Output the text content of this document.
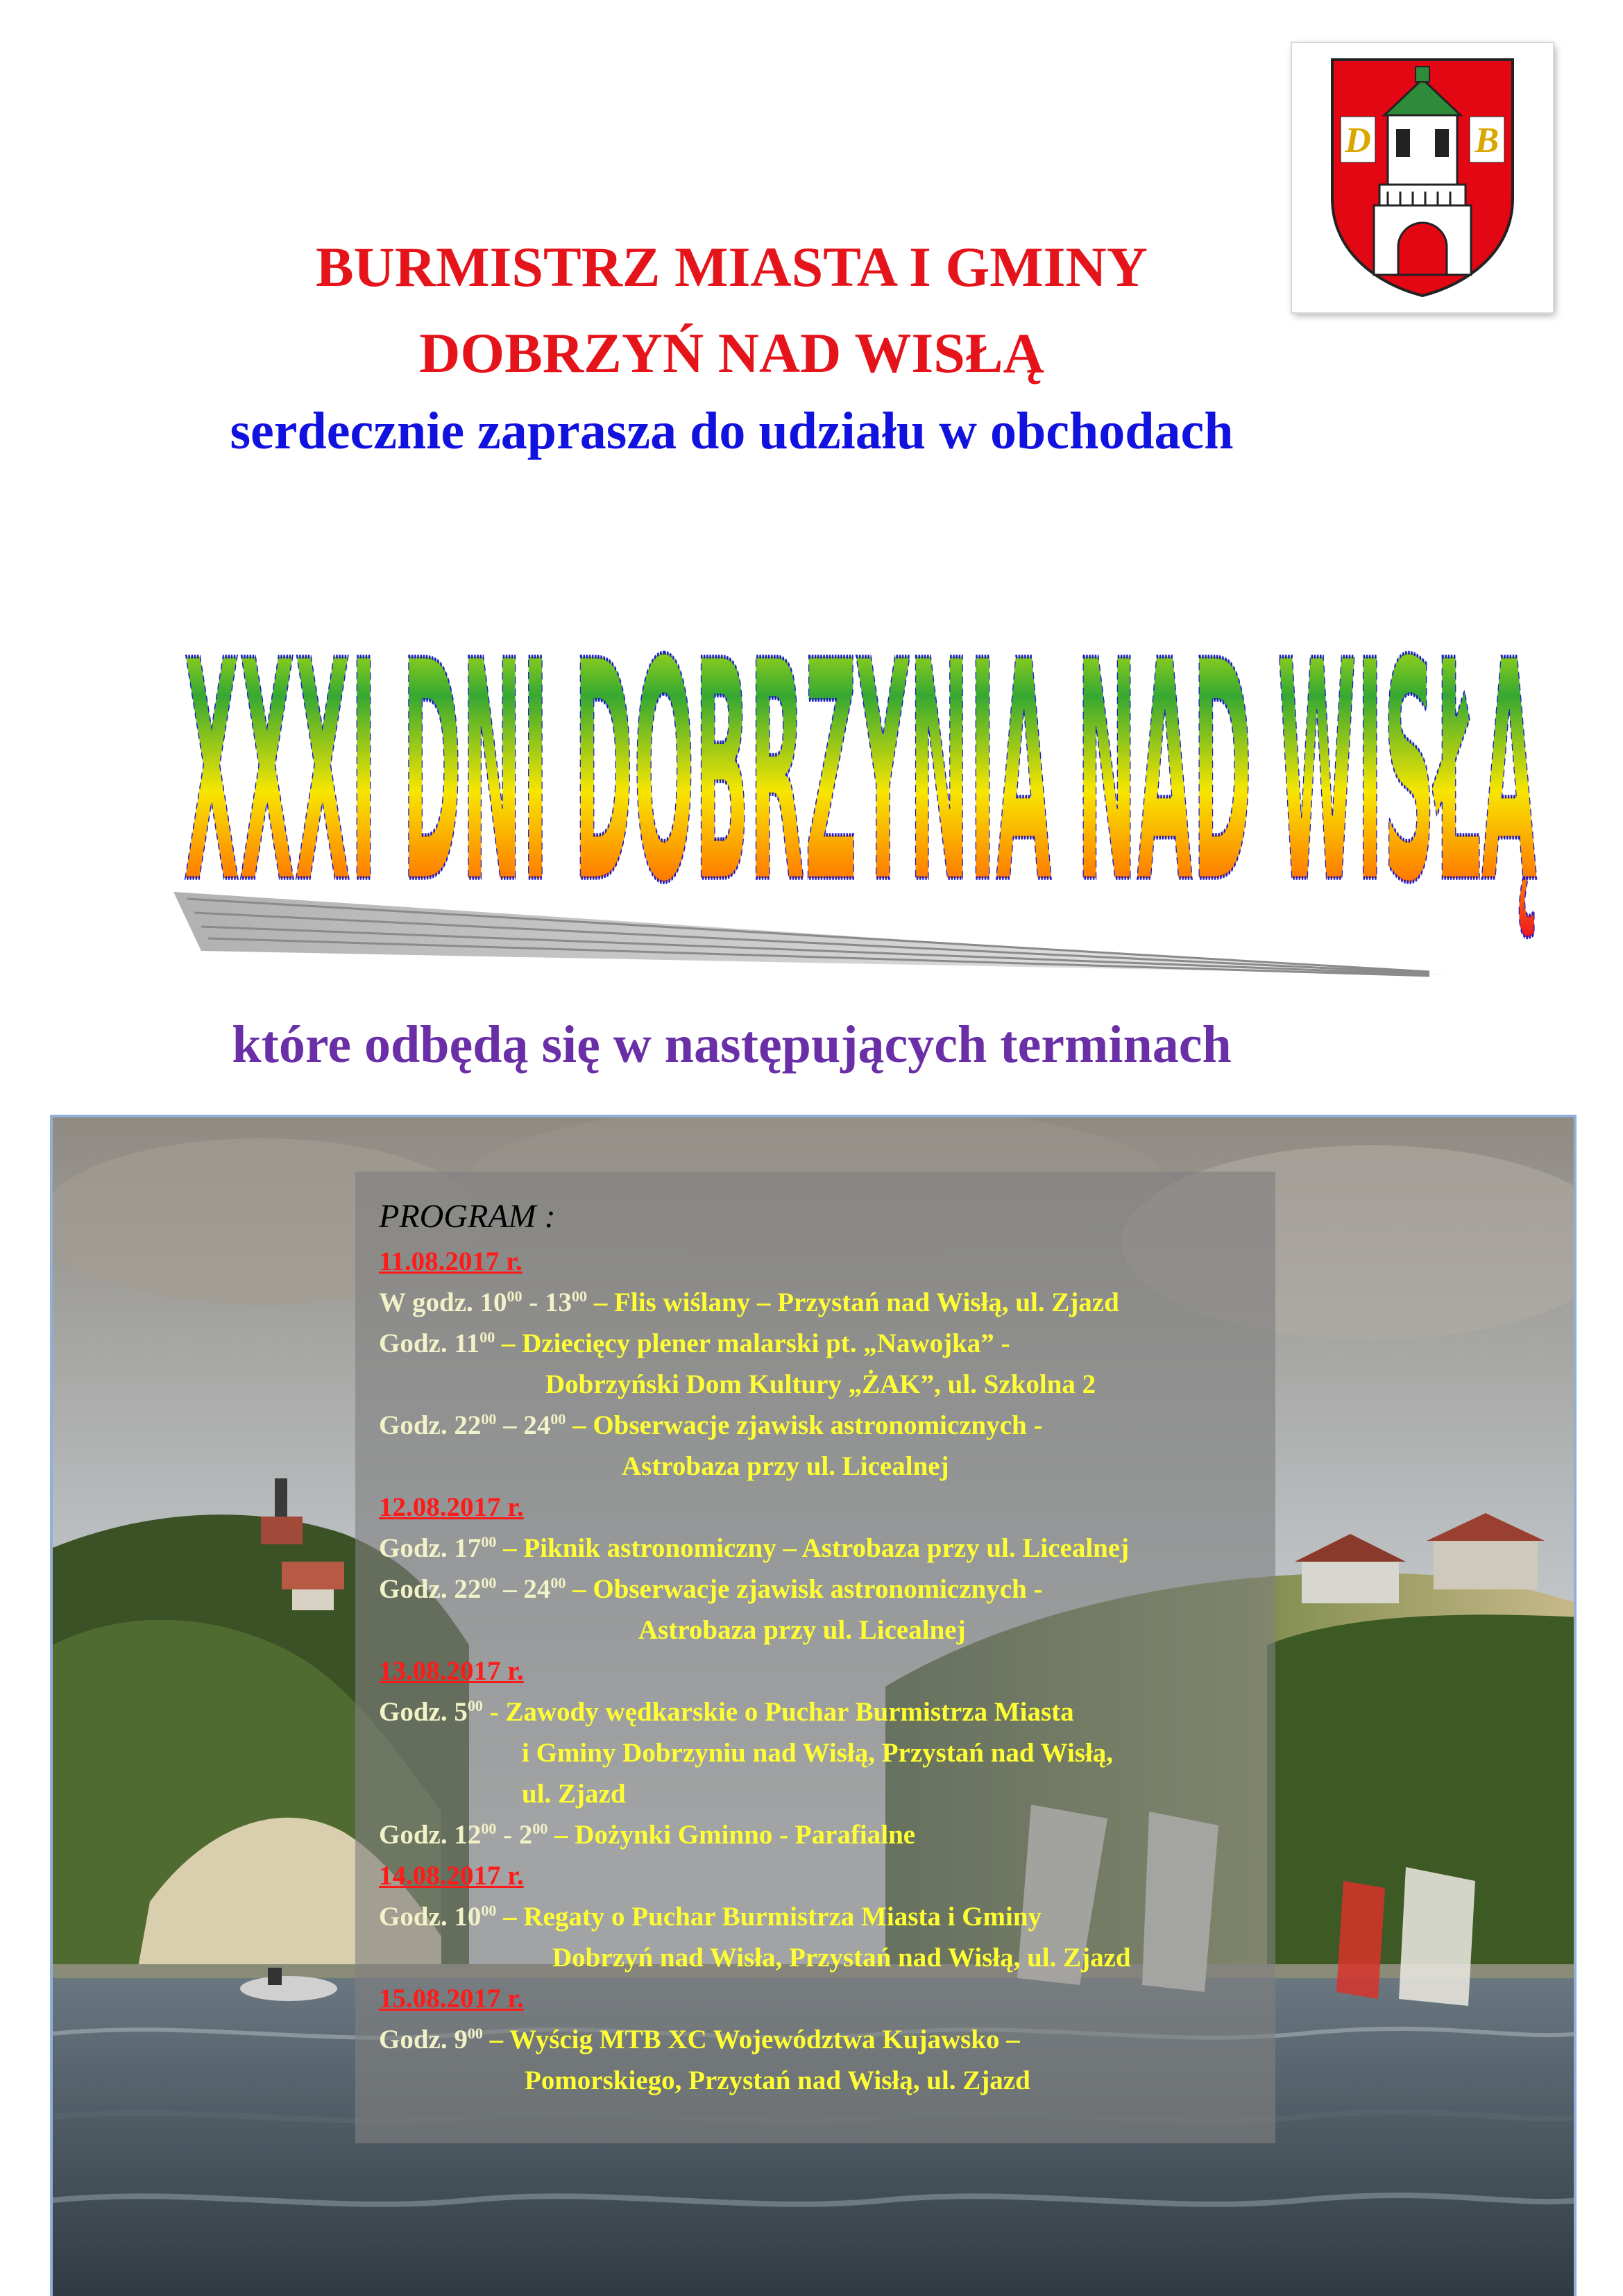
D	B
BURMISTRZ MIASTA I GMINY
DOBRZYŃ NAD WISŁĄ
serdecznie zaprasza do udziału w obchodach
XXXI DNI DOBRZYNIA NAD WISŁĄ
które odbędą się w następujących terminach
PROGRAM :
11.08.2017 r.
W godz. $10^{00} - 13^{00}$ – Flis wiślany – Przystań nad Wisłą, ul. Zjazd
Godz. $11^{00}$ – Dziecięcy plener malarski pt. „Nawojka” -
Dobrzyński Dom Kultury „ŻAK”, ul. Szkolna 2
Godz. $22^{00} - 24^{00}$ – Obserwacje zjawisk astronomicznych -
Astrobaza przy ul. Licealnej
12.08.2017 r.
Godz. $17^{00}$ – Piknik astronomiczny – Astrobaza przy ul. Licealnej
Godz. $22^{00} - 24^{00}$ – Obserwacje zjawisk astronomicznych -
Astrobaza przy ul. Licealnej
13.08.2017 r.
Godz. $5^{00}$ - Zawody wędkarskie o Puchar Burmistrza Miasta
i Gminy Dobrzyniu nad Wisłą, Przystań nad Wisłą,
ul. Zjazd
Godz. $12^{00} - 2^{00}$ – Dożynki Gminno - Parafialne
14.08.2017 r.
Godz. $10^{00}$ – Regaty o Puchar Burmistrza Miasta i Gminy
Dobrzyń nad Wisła, Przystań nad Wisłą, ul. Zjazd
15.08.2017 r.
Godz. $9^{00}$ – Wyścig MTB XC Województwa Kujawsko –
Pomorskiego, Przystań nad Wisłą, ul. Zjazd
